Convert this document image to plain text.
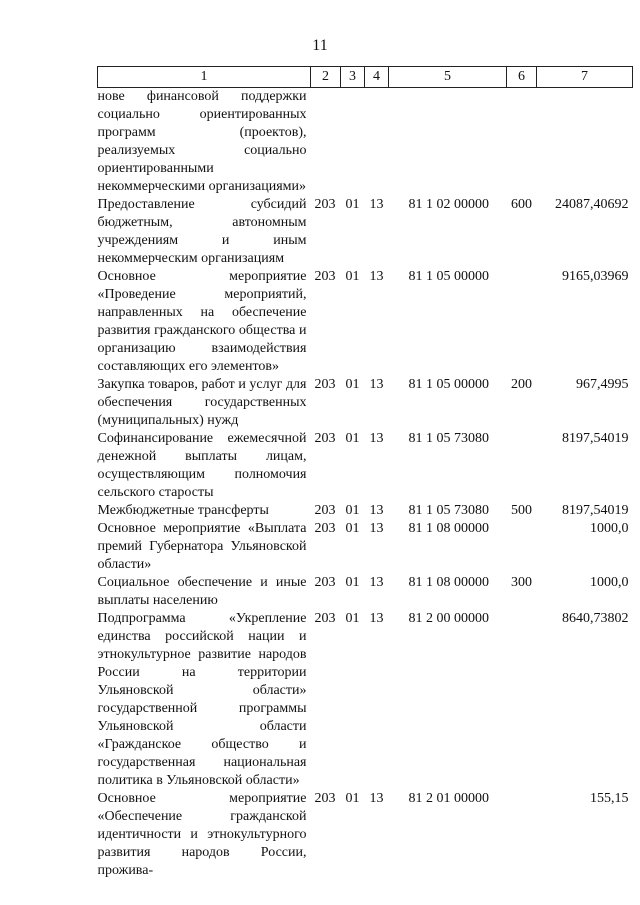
11
1	2	3	4	5	6	7
нове финансовой поддержки социально ориентированных программ (проектов), реализуемых социально ориентированными некоммерческими организациями»						
Предоставление субсидий бюджетным, автономным учреждениям и иным некоммерческим организациям	203	01	13	81 1 02 00000	600	24087,40692
Основное мероприятие «Проведение мероприятий, направленных на обеспечение развития гражданского общества и организацию взаимодействия составляющих его элементов»	203	01	13	81 1 05 00000		9165,03969
Закупка товаров, работ и услуг для обеспечения государственных (муниципальных) нужд	203	01	13	81 1 05 00000	200	967,4995
Софинансирование ежемесячной денежной выплаты лицам, осуществляющим полномочия сельского старосты	203	01	13	81 1 05 73080		8197,54019
Межбюджетные трансферты	203	01	13	81 1 05 73080	500	8197,54019
Основное мероприятие «Выплата премий Губернатора Ульяновской области»	203	01	13	81 1 08 00000		1000,0
Социальное обеспечение и иные выплаты населению	203	01	13	81 1 08 00000	300	1000,0
Подпрограмма «Укрепление единства российской нации и этнокультурное развитие народов России на территории Ульяновской области» государственной программы Ульяновской области «Гражданское общество и государственная национальная политика в Ульяновской области»	203	01	13	81 2 00 00000		8640,73802
Основное мероприятие «Обеспечение гражданской идентичности и этнокультурного развития народов России, прожива-	203	01	13	81 2 01 00000		155,15
